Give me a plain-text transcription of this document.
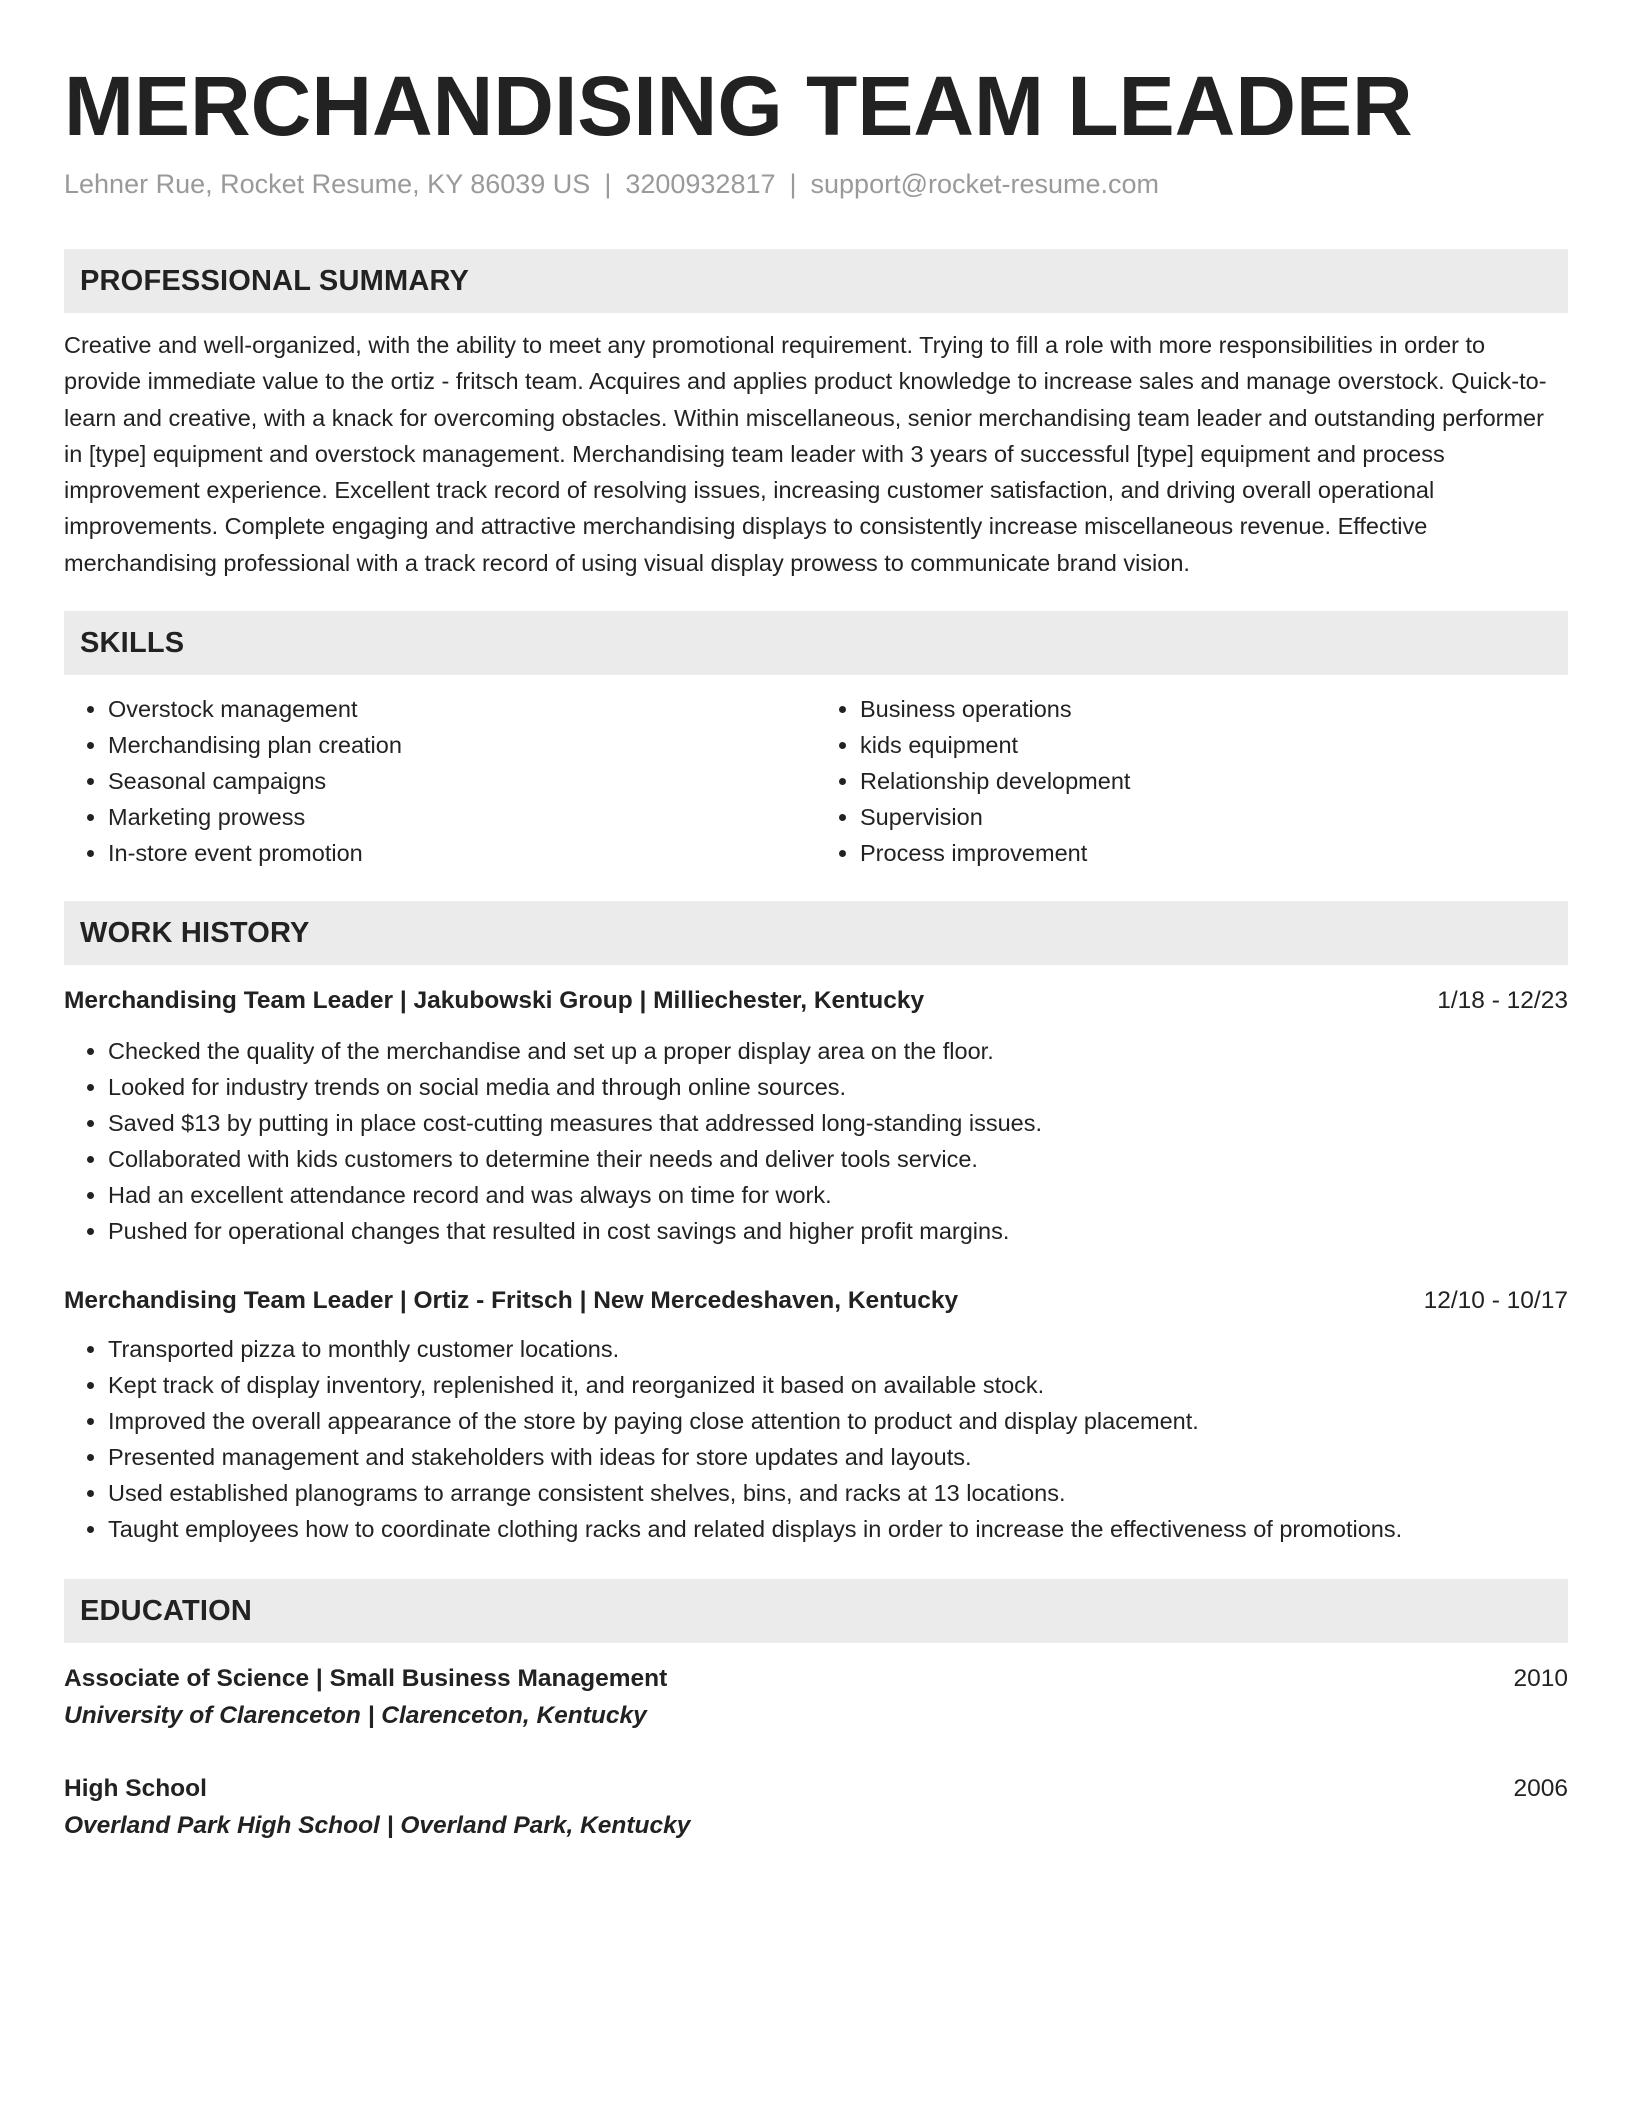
MERCHANDISING TEAM LEADER
Lehner Rue, Rocket Resume, KY 86039 US | 3200932817 | support@rocket-resume.com
PROFESSIONAL SUMMARY
Creative and well-organized, with the ability to meet any promotional requirement. Trying to fill a role with more responsibilities in order to provide immediate value to the ortiz - fritsch team. Acquires and applies product knowledge to increase sales and manage overstock. Quick-to-learn and creative, with a knack for overcoming obstacles. Within miscellaneous, senior merchandising team leader and outstanding performer in [type] equipment and overstock management. Merchandising team leader with 3 years of successful [type] equipment and process improvement experience. Excellent track record of resolving issues, increasing customer satisfaction, and driving overall operational improvements. Complete engaging and attractive merchandising displays to consistently increase miscellaneous revenue. Effective merchandising professional with a track record of using visual display prowess to communicate brand vision.
SKILLS
• Overstock management
• Merchandising plan creation
• Seasonal campaigns
• Marketing prowess
• In-store event promotion
• Business operations
• kids equipment
• Relationship development
• Supervision
• Process improvement
WORK HISTORY
Merchandising Team Leader | Jakubowski Group | Milliechester, Kentucky	1/18 - 12/23
• Checked the quality of the merchandise and set up a proper display area on the floor.
• Looked for industry trends on social media and through online sources.
• Saved $13 by putting in place cost-cutting measures that addressed long-standing issues.
• Collaborated with kids customers to determine their needs and deliver tools service.
• Had an excellent attendance record and was always on time for work.
• Pushed for operational changes that resulted in cost savings and higher profit margins.
Merchandising Team Leader | Ortiz - Fritsch | New Mercedeshaven, Kentucky	12/10 - 10/17
• Transported pizza to monthly customer locations.
• Kept track of display inventory, replenished it, and reorganized it based on available stock.
• Improved the overall appearance of the store by paying close attention to product and display placement.
• Presented management and stakeholders with ideas for store updates and layouts.
• Used established planograms to arrange consistent shelves, bins, and racks at 13 locations.
• Taught employees how to coordinate clothing racks and related displays in order to increase the effectiveness of promotions.
EDUCATION
Associate of Science | Small Business Management	2010
University of Clarenceton | Clarenceton, Kentucky
High School	2006
Overland Park High School | Overland Park, Kentucky
